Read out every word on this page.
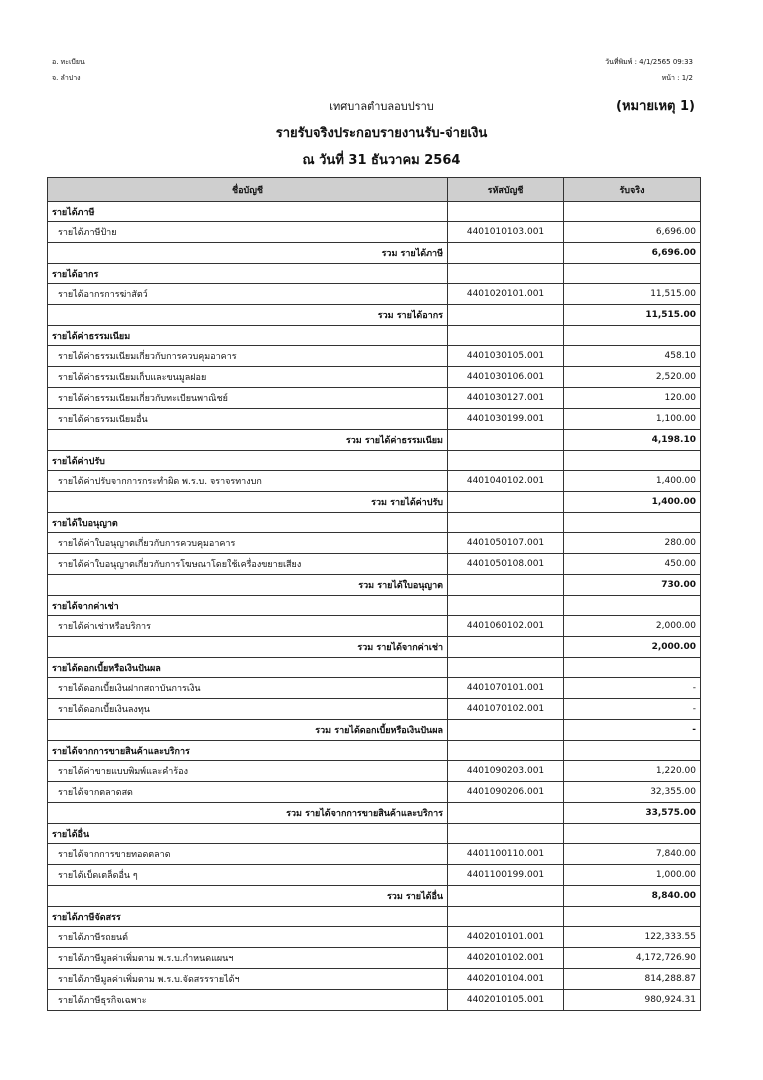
อ. ทะเบียน
จ. ลำปาง
วันที่พิมพ์ : 4/1/2565 09:33
หน้า : 1/2
(หมายเหตุ 1)
เทศบาลตำบลอบปราบ
รายรับจริงประกอบรายงานรับ-จ่ายเงิน
ณ วันที่ 31 ธันวาคม 2564
ชื่อบัญชี	รหัสบัญชี	รับจริง
รายได้ภาษี		
รายได้ภาษีป้าย	4401010103.001	6,696.00
รวม รายได้ภาษี		6,696.00
รายได้อากร		
รายได้อากรการฆ่าสัตว์	4401020101.001	11,515.00
รวม รายได้อากร		11,515.00
รายได้ค่าธรรมเนียม		
รายได้ค่าธรรมเนียมเกี่ยวกับการควบคุมอาคาร	4401030105.001	458.10
รายได้ค่าธรรมเนียมเก็บและขนมูลฝอย	4401030106.001	2,520.00
รายได้ค่าธรรมเนียมเกี่ยวกับทะเบียนพาณิชย์	4401030127.001	120.00
รายได้ค่าธรรมเนียมอื่น	4401030199.001	1,100.00
รวม รายได้ค่าธรรมเนียม		4,198.10
รายได้ค่าปรับ		
รายได้ค่าปรับจากการกระทำผิด พ.ร.บ. จราจรทางบก	4401040102.001	1,400.00
รวม รายได้ค่าปรับ		1,400.00
รายได้ใบอนุญาต		
รายได้ค่าใบอนุญาตเกี่ยวกับการควบคุมอาคาร	4401050107.001	280.00
รายได้ค่าใบอนุญาตเกี่ยวกับการโฆษณาโดยใช้เครื่องขยายเสียง	4401050108.001	450.00
รวม รายได้ใบอนุญาต		730.00
รายได้จากค่าเช่า		
รายได้ค่าเช่าหรือบริการ	4401060102.001	2,000.00
รวม รายได้จากค่าเช่า		2,000.00
รายได้ดอกเบี้ยหรือเงินปันผล		
รายได้ดอกเบี้ยเงินฝากสถาบันการเงิน	4401070101.001	-
รายได้ดอกเบี้ยเงินลงทุน	4401070102.001	-
รวม รายได้ดอกเบี้ยหรือเงินปันผล		-
รายได้จากการขายสินค้าและบริการ		
รายได้ค่าขายแบบพิมพ์และคำร้อง	4401090203.001	1,220.00
รายได้จากตลาดสด	4401090206.001	32,355.00
รวม รายได้จากการขายสินค้าและบริการ		33,575.00
รายได้อื่น		
รายได้จากการขายทอดตลาด	4401100110.001	7,840.00
รายได้เบ็ดเตล็ดอื่น ๆ	4401100199.001	1,000.00
รวม รายได้อื่น		8,840.00
รายได้ภาษีจัดสรร		
รายได้ภาษีรถยนต์	4402010101.001	122,333.55
รายได้ภาษีมูลค่าเพิ่มตาม พ.ร.บ.กำหนดแผนฯ	4402010102.001	4,172,726.90
รายได้ภาษีมูลค่าเพิ่มตาม พ.ร.บ.จัดสรรรายได้ฯ	4402010104.001	814,288.87
รายได้ภาษีธุรกิจเฉพาะ	4402010105.001	980,924.31
